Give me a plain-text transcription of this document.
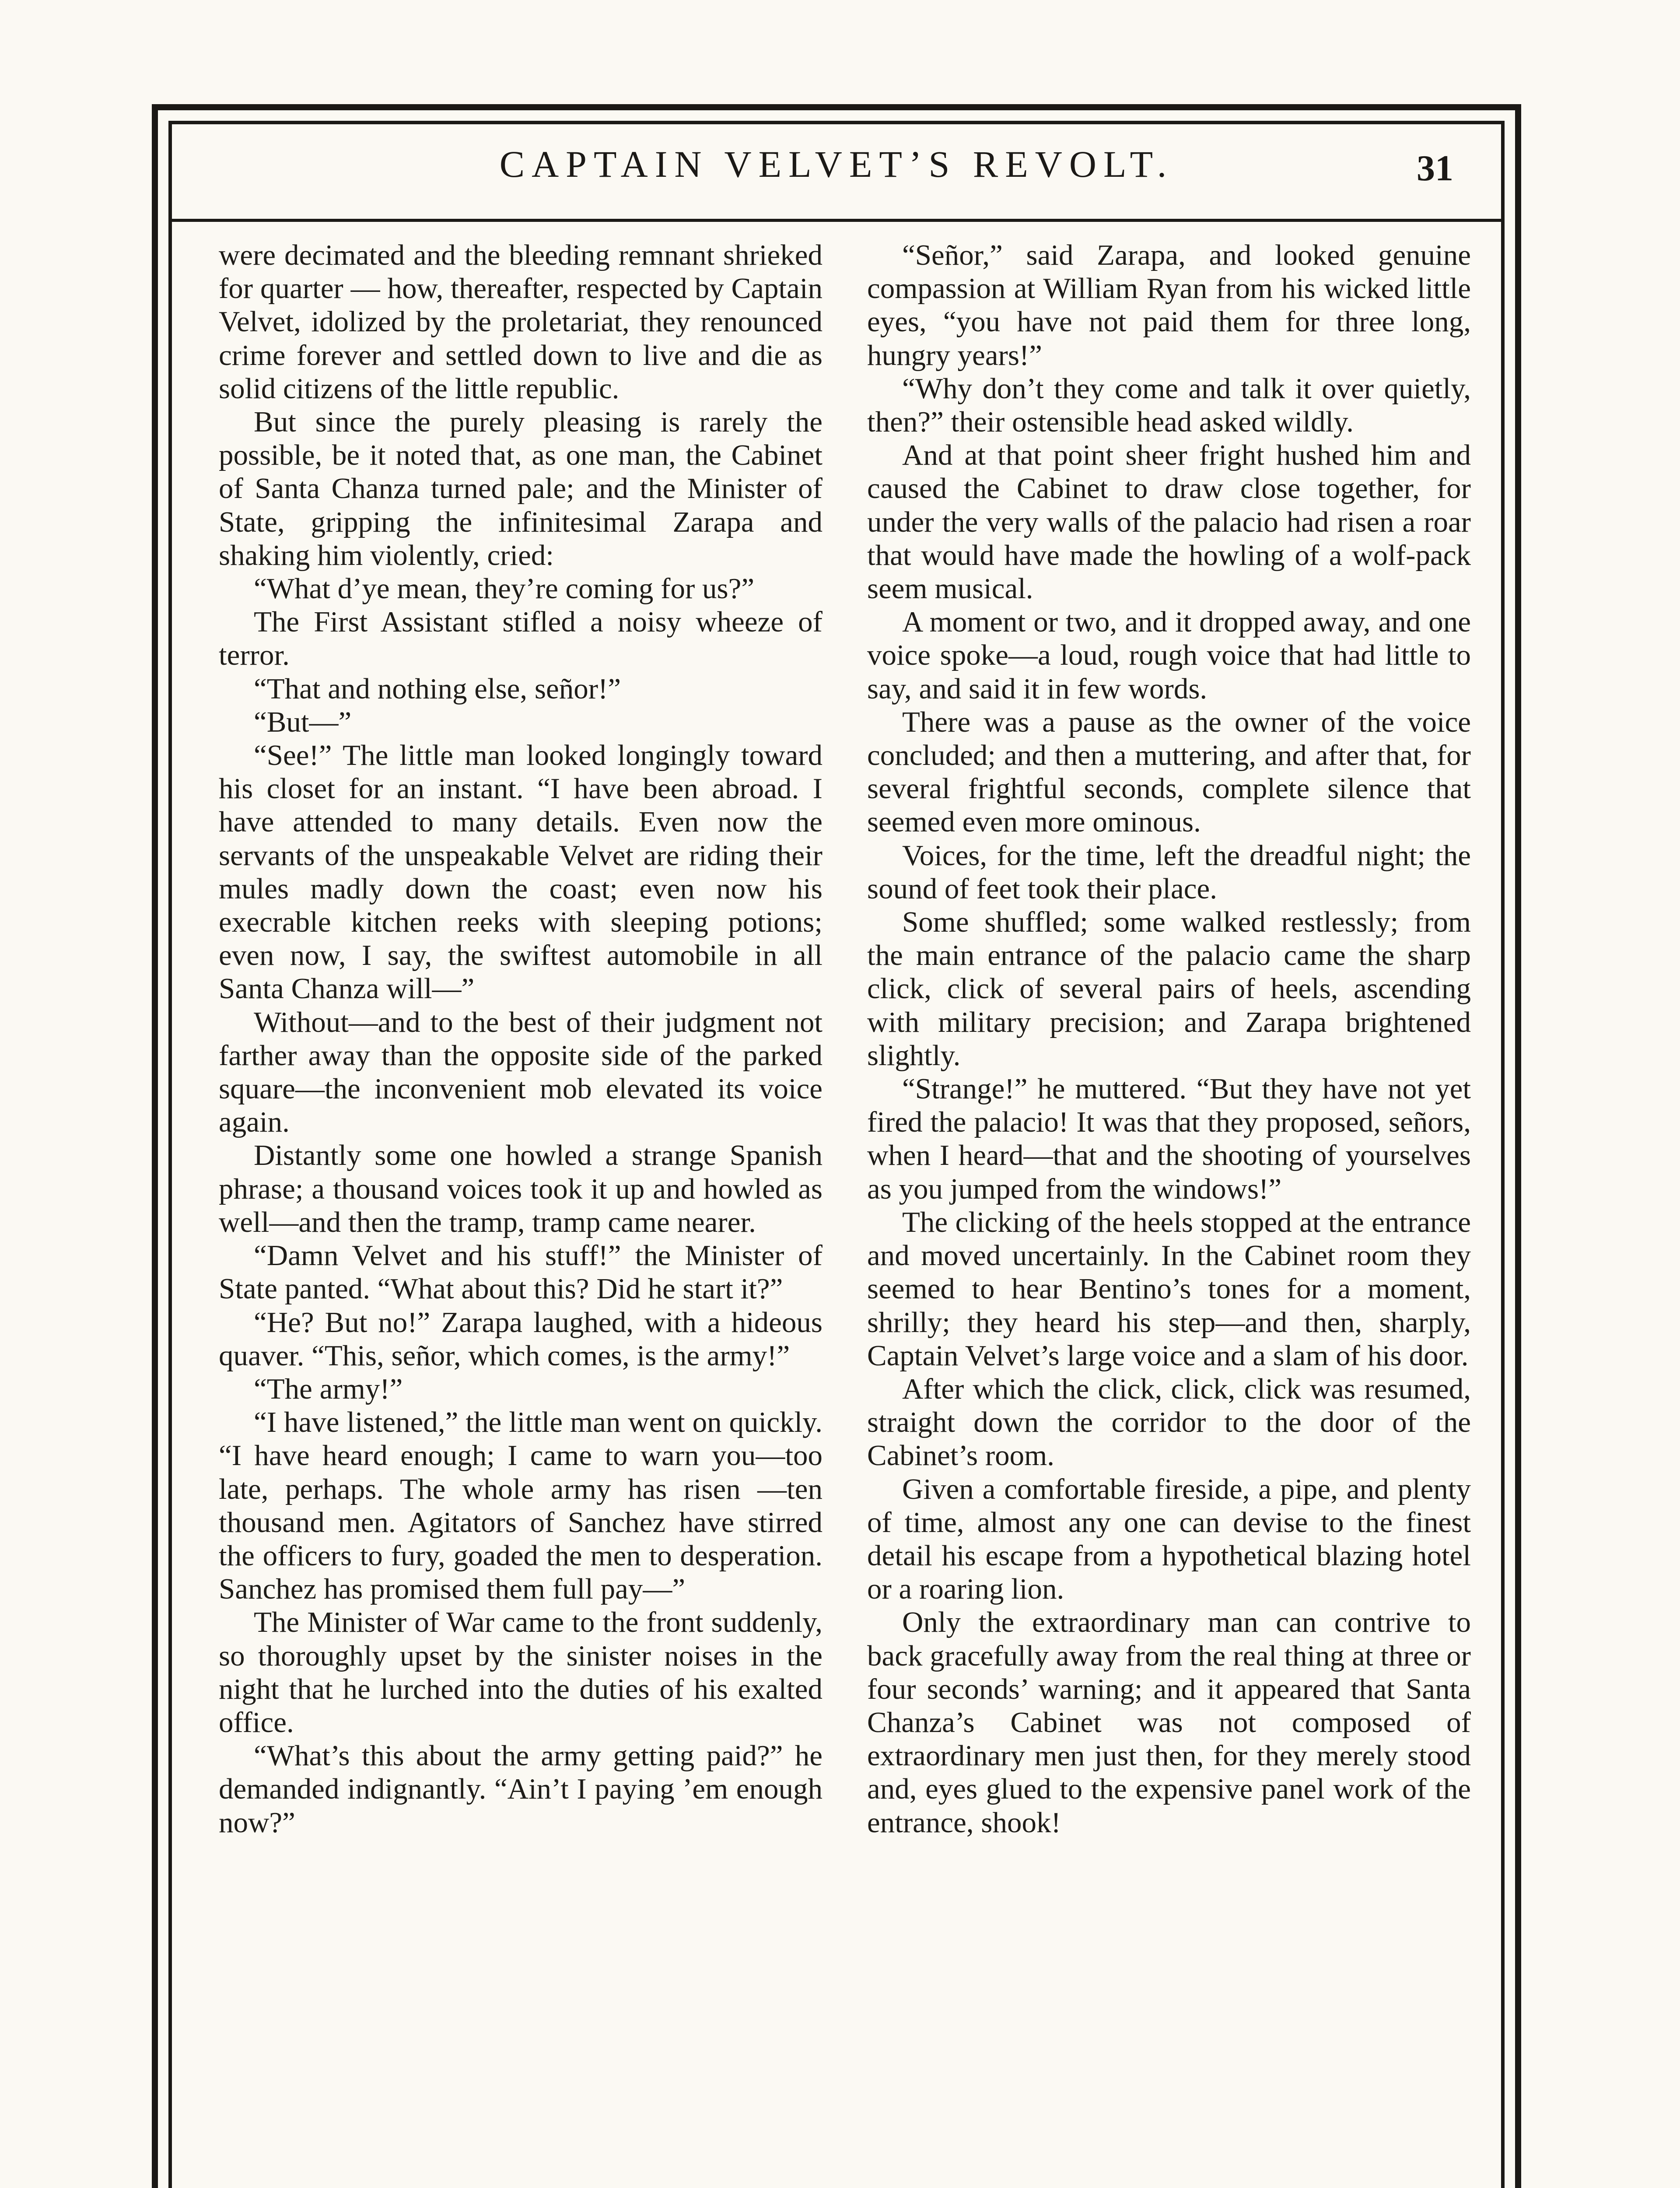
CAPTAIN VELVET’S REVOLT.	31

were decimated and the bleeding remnant shrieked for quarter — how, thereafter, respected by Captain Velvet, idolized by the proletariat, they renounced crime forever and settled down to live and die as solid citizens of the little republic.

But since the purely pleasing is rarely the possible, be it noted that, as one man, the Cabinet of Santa Chanza turned pale; and the Minister of State, gripping the infinitesimal Zarapa and shaking him violently, cried:

“What d’ye mean, they’re coming for us?”

The First Assistant stifled a noisy wheeze of terror.

“That and nothing else, señor!”

“But—”

“See!” The little man looked longingly toward his closet for an instant. “I have been abroad. I have attended to many details. Even now the servants of the unspeakable Velvet are riding their mules madly down the coast; even now his execrable kitchen reeks with sleeping potions; even now, I say, the swiftest automobile in all Santa Chanza will—”

Without—and to the best of their judgment not farther away than the opposite side of the parked square—the inconvenient mob elevated its voice again.

Distantly some one howled a strange Spanish phrase; a thousand voices took it up and howled as well—and then the tramp, tramp came nearer.

“Damn Velvet and his stuff!” the Minister of State panted. “What about this? Did he start it?”

“He? But no!” Zarapa laughed, with a hideous quaver. “This, señor, which comes, is the army!”

“The army!”

“I have listened,” the little man went on quickly. “I have heard enough; I came to warn you—too late, perhaps. The whole army has risen —ten thousand men. Agitators of Sanchez have stirred the officers to fury, goaded the men to desperation. Sanchez has promised them full pay—”

The Minister of War came to the front suddenly, so thoroughly upset by the sinister noises in the night that he lurched into the duties of his exalted office.

“What’s this about the army getting paid?” he demanded indignantly. “Ain’t I paying ’em enough now?”

“Señor,” said Zarapa, and looked genuine compassion at William Ryan from his wicked little eyes, “you have not paid them for three long, hungry years!”

“Why don’t they come and talk it over quietly, then?” their ostensible head asked wildly.

And at that point sheer fright hushed him and caused the Cabinet to draw close together, for under the very walls of the palacio had risen a roar that would have made the howling of a wolf-pack seem musical.

A moment or two, and it dropped away, and one voice spoke—a loud, rough voice that had little to say, and said it in few words.

There was a pause as the owner of the voice concluded; and then a muttering, and after that, for several frightful seconds, complete silence that seemed even more ominous.

Voices, for the time, left the dreadful night; the sound of feet took their place.

Some shuffled; some walked restlessly; from the main entrance of the palacio came the sharp click, click of several pairs of heels, ascending with military precision; and Zarapa brightened slightly.

“Strange!” he muttered. “But they have not yet fired the palacio! It was that they proposed, señors, when I heard—that and the shooting of yourselves as you jumped from the windows!”

The clicking of the heels stopped at the entrance and moved uncertainly. In the Cabinet room they seemed to hear Bentino’s tones for a moment, shrilly; they heard his step—and then, sharply, Captain Velvet’s large voice and a slam of his door.

After which the click, click, click was resumed, straight down the corridor to the door of the Cabinet’s room.

Given a comfortable fireside, a pipe, and plenty of time, almost any one can devise to the finest detail his escape from a hypothetical blazing hotel or a roaring lion.

Only the extraordinary man can contrive to back gracefully away from the real thing at three or four seconds’ warning; and it appeared that Santa Chanza’s Cabinet was not composed of extraordinary men just then, for they merely stood and, eyes glued to the expensive panel work of the entrance, shook!
